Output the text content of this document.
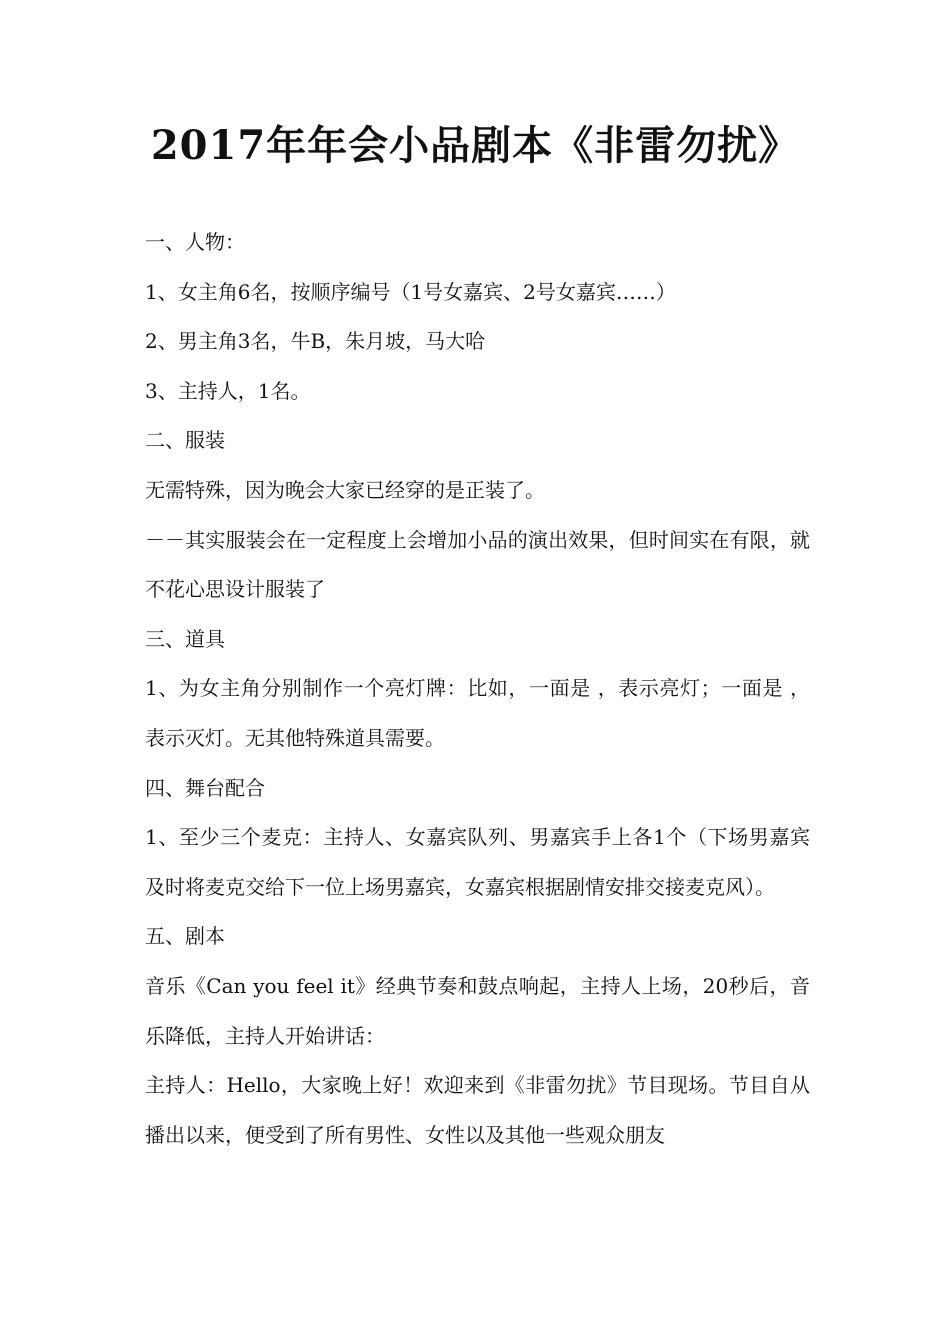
2017年年会小品剧本《非雷勿扰》

一、人物：

1、女主角6名，按顺序编号（1号女嘉宾、2号女嘉宾……）

2、男主角3名，牛B，朱月坡，马大哈

3、主持人，1名。

二、服装

无需特殊，因为晚会大家已经穿的是正装了。

－－其实服装会在一定程度上会增加小品的演出效果，但时间实在有限，就不花心思设计服装了

三、道具

1、为女主角分别制作一个亮灯牌：比如，一面是 ，表示亮灯；一面是 ，表示灭灯。无其他特殊道具需要。

四、舞台配合

1、至少三个麦克：主持人、女嘉宾队列、男嘉宾手上各1个（下场男嘉宾及时将麦克交给下一位上场男嘉宾，女嘉宾根据剧情安排交接麦克风）。

五、剧本

音乐《Can you feel it》经典节奏和鼓点响起，主持人上场，20秒后，音乐降低，主持人开始讲话：

主持人：Hello，大家晚上好！欢迎来到《非雷勿扰》节目现场。节目自从播出以来，便受到了所有男性、女性以及其他一些观众朋友
